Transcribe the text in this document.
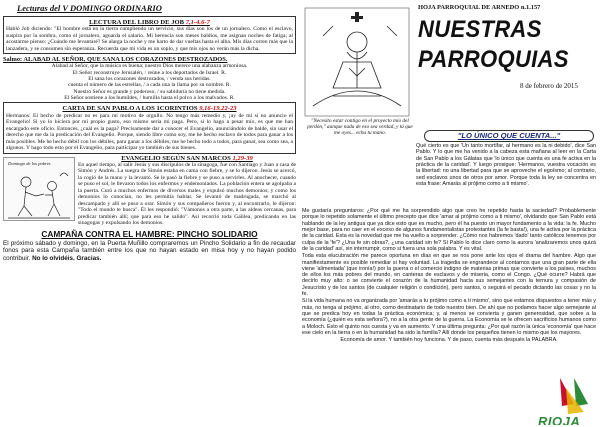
Lecturas del V DOMINGO ORDINARIO
LECTURA DEL LIBRO DE JOB 7,1-4.6-7

Habló Job diciendo: "El hombre está en la tierra cumpliendo un servicio, sus días son los de un jornalero. Como el esclavo, suspira por la sombra, como el jornalero, aguarda el salario. Mi herencia son meses baldíos, me asignan noches de fatiga; al acostarme pienso: ¿Cuándo me levantaré? Se alarga la noche y me harto de dar vueltas hasta el alba. Mis días corren más que la lanzadera, y se consumen sin esperanza. Recuerda que mi vida es un soplo, y que mis ojos no verán más la dicha.

Salmo: ALABAD AL SEÑOR, QUE SANA LOS CORAZONES DESTROZADOS.

Alabad al Señor, que la música es buena; nuestro Dios merece una alabanza armoniosa.

El Señor reconstruye Jerusalén, / reúne a los deportados de Israel. R.

El sana los corazones destrozados, / venda sus heridas.

cuenta el número de las estrellas, / a cada una la llama por su nombre. R.

Nuestro Señor es grande y poderoso, / su sabiduría no tiene medida.

El Señor sostiene a los humildes, / humilla hasta el polvo a los malvados. R.

CARTA DE SAN PABLO A LOS 1CORINTIOS 9,16-19.22-23

Hermanos: El hecho de predicar no es para mí motivo de orgullo. No tengo más remedio y, ¡ay de mí si no anuncio el Evangelio! Si yo lo hiciera por mi propio gusto, eso mismo sería mi paga. Pero, si lo hago a pesar mío, es que me han encargado este oficio. Entonces, ¿cuál es la paga? Precisamente dar a conocer el Evangelio, anunciándolo de balde, sin usar el derecho que me da la predicación del Evangelio. Porque, siendo libre como soy, me he hecho esclavo de todos para ganar a los más posibles. Me he hecho débil con los débiles, para ganar a los débiles; me he hecho todo a todos, para ganar, sea como sea, a algunos. Y hago todo esto por el Evangelio, para participar yo también de sus bienes.

Domingo de los pobres
EVANGELIO SEGÚN SAN MARCOS 1,29-39

En aquel tiempo, al salir Jesús y sus discípulos de la sinagoga, fue con Santiago y Juan a casa de Simón y Andrés. La suegra de Simón estaba en cama con fiebre, y se lo dijeron. Jesús se acercó, la cogió de la mano y la levantó. Se le pasó la fiebre y se puso a servirles. Al anochecer, cuando se puso el sol, le llevaron todos los enfermos y endemoniados. La población entera se agolpaba a la puerta. Curó a muchos enfermos de diversos males y expulsó muchos demonios; y como los demonios lo conocían, no les permitía hablar. Se levantó de madrugada, se marchó al descampado y allí se puso a orar. Simón y sus compañeros fueron y, al encontrarlo, le dijeron: "Todo el mundo te busca". Él les respondió: "Vámonos a otra parte, a las aldeas cercanas, para predicar también allí; que para eso he salido". Así recorrió toda Galilea, predicando en las sinagogas y expulsando los demonios.

CAMPAÑA CONTRA EL HAMBRE: PINCHO SOLIDARIO

El próximo sábado y domingo, en la Puerta Muñillo compraremos un Pincho Solidario a fin de recaudar fonos para esta Campaña también entre los que no hayan estado en misa hoy y no hayan podido contribuir. No lo olvidéis. Gracias.

"Necesito estar contigo en el proyecto mío del perdón," aunque nada de eso sea verdad, y tú que me oyes... echa tu mano.
HOJA PARROQUIAL DE ARNEDO n.1.157
NUESTRAS
PARROQUIAS
8 de febrero de 2015
"LO ÚNICO QUE CUENTA..."

Qué cierto es que 'Un tanto mortífar, al hermano es la ni debido', dice San Pablo. Y lo que me ha venido a la cabeza esta mañana al leer en la Carta de San Pablo a los Gálatas que 'lo único que cuenta es una fe activa en la práctica de la caridad'. Y luego prosigue: 'Hermanos, vuestra vocación es la libertad: no una libertad para que se aproveche el egoísmo; al contrario, sed esclavos unos de otros por amor. Porque toda la ley se concentra en esta frase: Amarás al prójimo como a ti mismo'.

Me gustaría preguntaros: ¿Por qué me ha sorprendido algo que creo he repetido hasta la saciedad? Probablemente porque lo repetido solamente el último precepto que dice 'amar al prójimo como a ti mismo', olvidando que San Pablo está hablando de la ley antigua que ya dice esto que es mucho, pero él ha puesto un mayor fundamento a la vida: la fe. Mucho mejor base, para no caer en el exceso de algunos fundamentalistas protestantes (la fe basta!), una fe activa por la práctica de la caridad. Esta es la novedad que me ha vuelto a sorprender. ¿Cómo nos habremos 'dado' tanto católicos tenemos por culpa de la 'fe'? ¿Una fe sin obras?, ¿una caridad sin fe? Sí Pablo lo dice claro como la aurora 'analizaremos unos quizá de la caridad' así, sin interrumpir, como si fuera una sola palabra. Y es vital.

Toda esta elucubración me parece oportuna en días en que se nos pone ante los ojos el drama del hambre. Algo que manifiestamente es posible remediar si hay voluntad. La tragedia se engrandece al contarnos que una gran parte de ella viene 'alimentada' (que ironía!) por la guerra o el comercio indigno de materias primas que convierte a los países, muchos de ellos los más pobres del mundo, en canteras de esclavos y de miseria, como el Congo. ¿Qué ocurre? Habrá que decirlo muy alto: o se convierte el corazón de la humanidad hacia sus semejantes con la ternura y compasión de Jesucristo y de los santos (de cualquier religión o condición), pero santos, o seguirá el pecado dictando las cosas y no la fe.

Si la vida humana no va organizada por 'amarás a tu prójimo como a ti mismo', sino que estamos dispuestos a tener más y más, no tenga al prójimo, al otro, como destinatario de todo nuestro bien. De ahí que no podamos hacer algo semejante al que se predica hoy en todas la práctica económica; y, al menos se convierta y ganen generosidad, que sobre a la economía (¿quién es esta señora?), no a la otra gente de la guerra. La Economía se le ofrecen sacrificios humanos como a Moloch. Esto el quinto nos cuesta y va en aumento. Y una última pregunta: ¿Por qué razón la única 'economía' que hace ese cielo en la tierra o en la humanidad ha sido la familia? Allí donde los pequeños tienen lo mismo que los mayores.

Economía de amor. Y también hoy funciona. Y de paso, cuenta más después la PALABRA.

RIOJA
